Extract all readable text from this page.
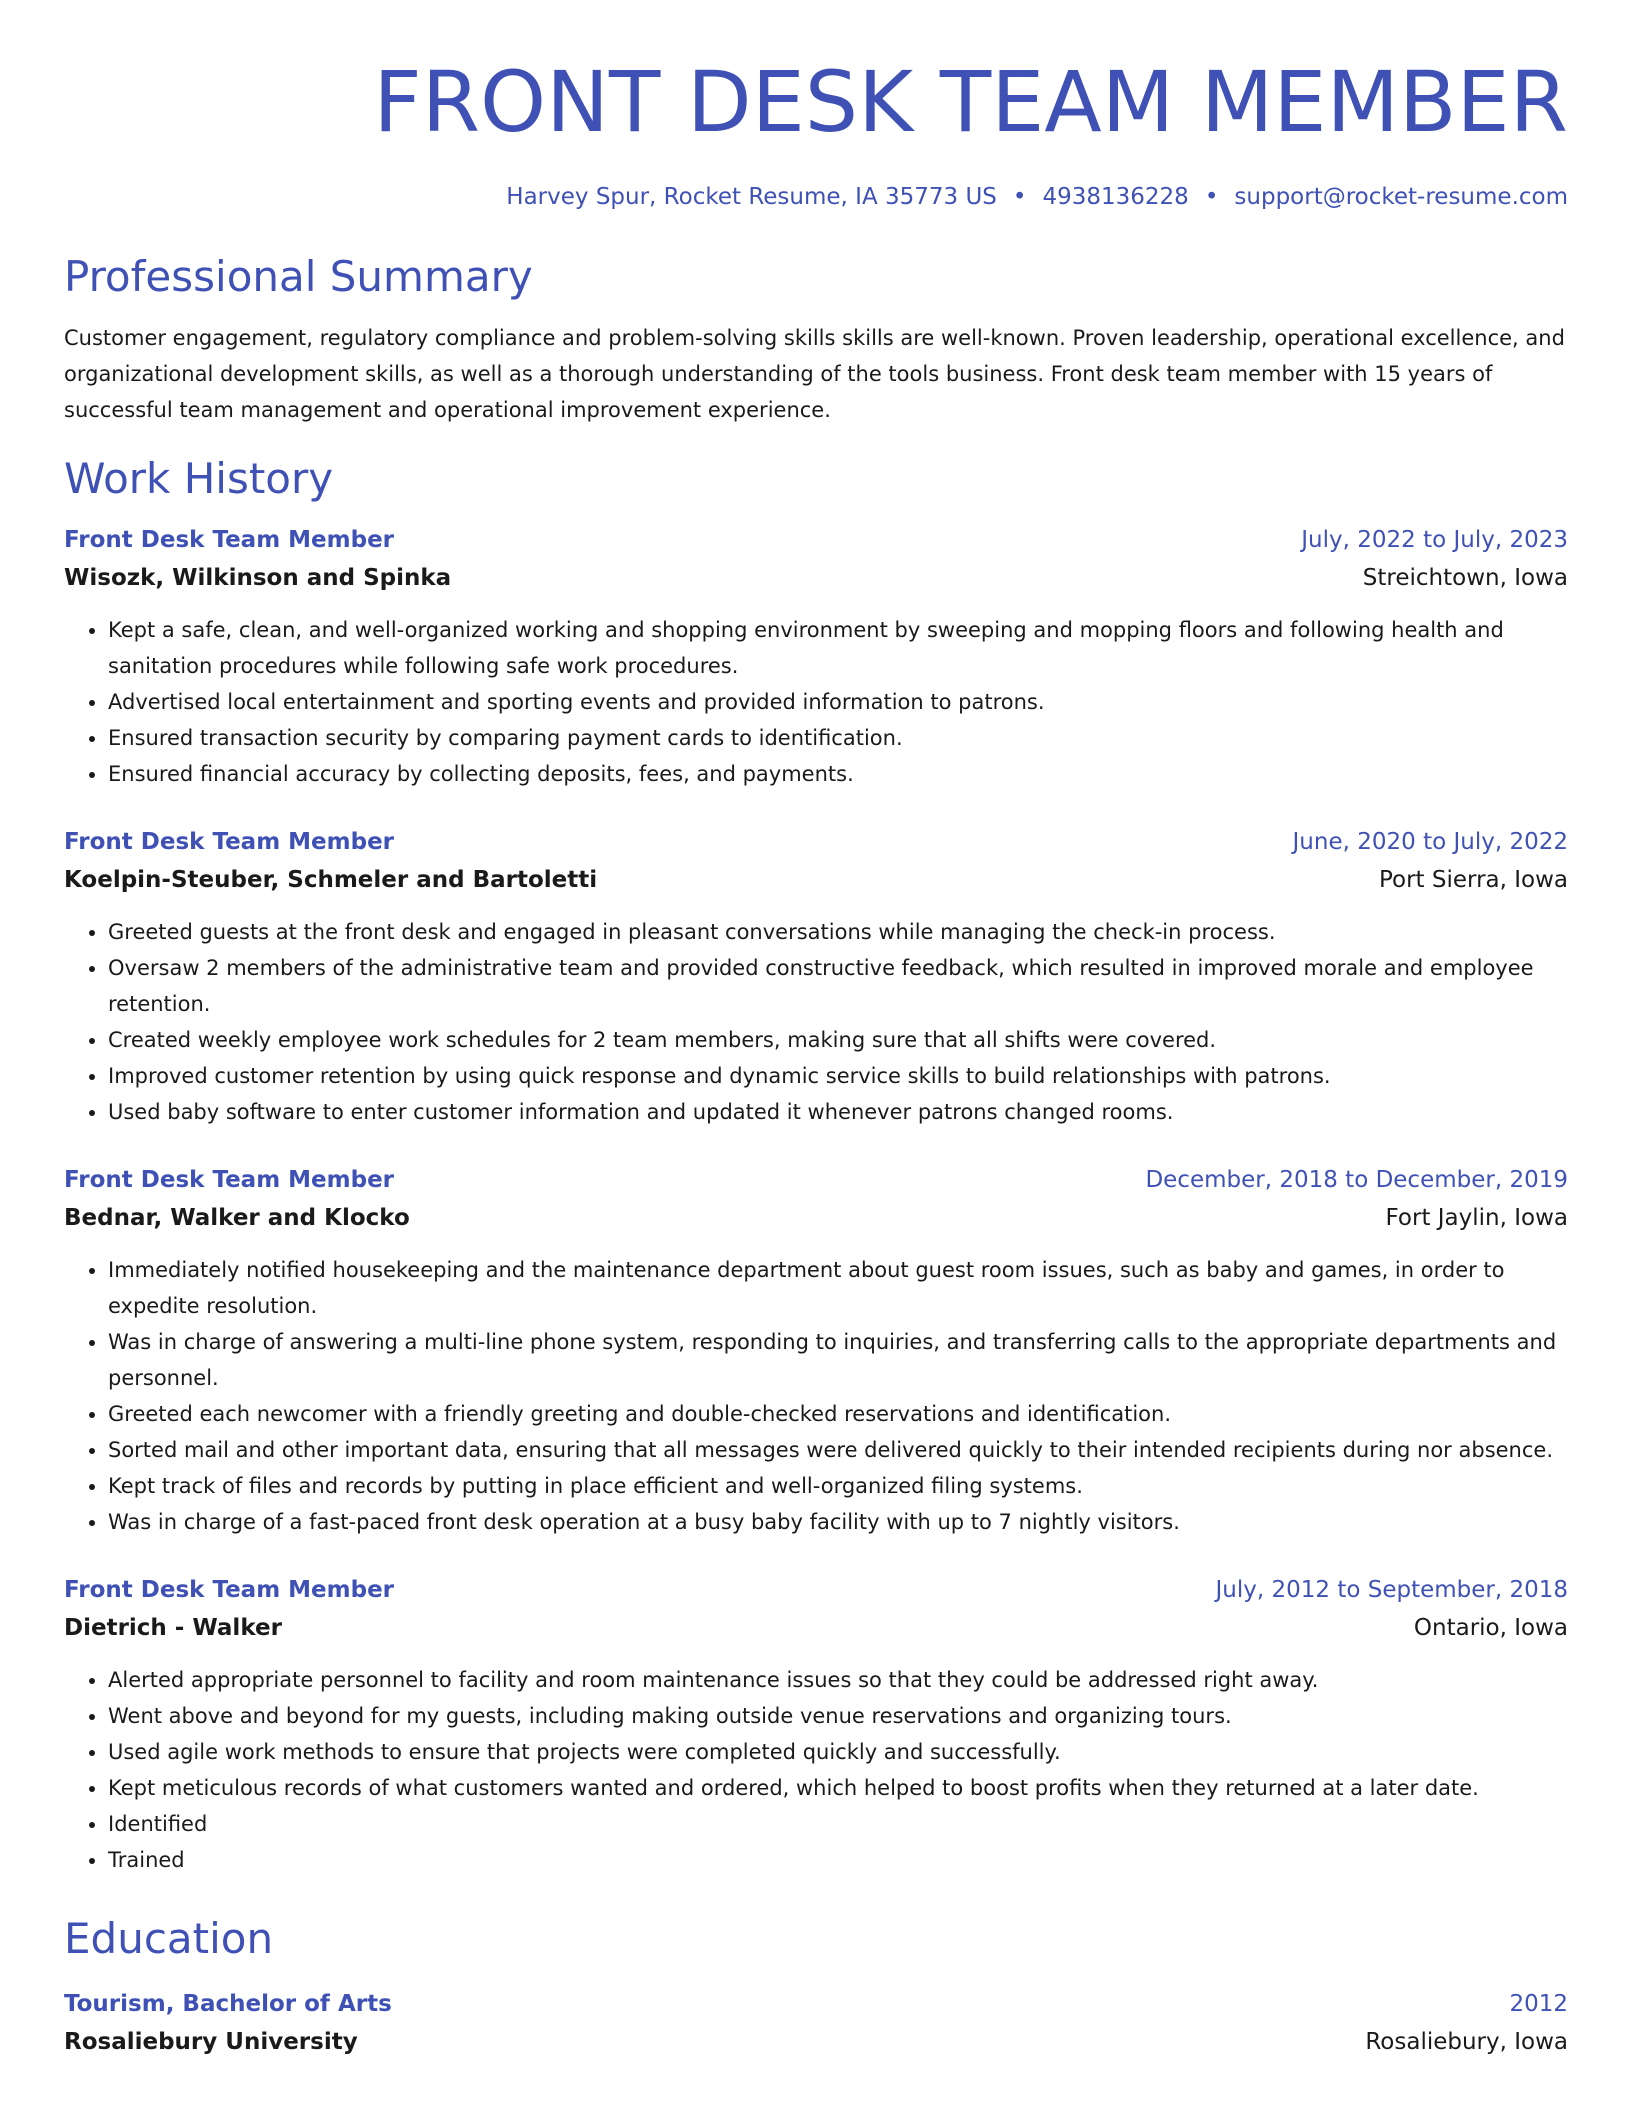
FRONT DESK TEAM MEMBER
Harvey Spur, Rocket Resume, IA 35773 US • 4938136228 • support@rocket-resume.com
Professional Summary
Customer engagement, regulatory compliance and problem-solving skills skills are well-known. Proven leadership, operational excellence, and organizational development skills, as well as a thorough understanding of the tools business. Front desk team member with 15 years of successful team management and operational improvement experience.
Work History
Front Desk Team Member	July, 2022 to July, 2023
Wisozk, Wilkinson and Spinka	Streichtown, Iowa
• Kept a safe, clean, and well-organized working and shopping environment by sweeping and mopping floors and following health and sanitation procedures while following safe work procedures.
• Advertised local entertainment and sporting events and provided information to patrons.
• Ensured transaction security by comparing payment cards to identification.
• Ensured financial accuracy by collecting deposits, fees, and payments.
Front Desk Team Member	June, 2020 to July, 2022
Koelpin-Steuber, Schmeler and Bartoletti	Port Sierra, Iowa
• Greeted guests at the front desk and engaged in pleasant conversations while managing the check-in process.
• Oversaw 2 members of the administrative team and provided constructive feedback, which resulted in improved morale and employee retention.
• Created weekly employee work schedules for 2 team members, making sure that all shifts were covered.
• Improved customer retention by using quick response and dynamic service skills to build relationships with patrons.
• Used baby software to enter customer information and updated it whenever patrons changed rooms.
Front Desk Team Member	December, 2018 to December, 2019
Bednar, Walker and Klocko	Fort Jaylin, Iowa
• Immediately notified housekeeping and the maintenance department about guest room issues, such as baby and games, in order to expedite resolution.
• Was in charge of answering a multi-line phone system, responding to inquiries, and transferring calls to the appropriate departments and personnel.
• Greeted each newcomer with a friendly greeting and double-checked reservations and identification.
• Sorted mail and other important data, ensuring that all messages were delivered quickly to their intended recipients during nor absence.
• Kept track of files and records by putting in place efficient and well-organized filing systems.
• Was in charge of a fast-paced front desk operation at a busy baby facility with up to 7 nightly visitors.
Front Desk Team Member	July, 2012 to September, 2018
Dietrich - Walker	Ontario, Iowa
• Alerted appropriate personnel to facility and room maintenance issues so that they could be addressed right away.
• Went above and beyond for my guests, including making outside venue reservations and organizing tours.
• Used agile work methods to ensure that projects were completed quickly and successfully.
• Kept meticulous records of what customers wanted and ordered, which helped to boost profits when they returned at a later date.
• Identified
• Trained
Education
Tourism, Bachelor of Arts	2012
Rosaliebury University	Rosaliebury, Iowa
